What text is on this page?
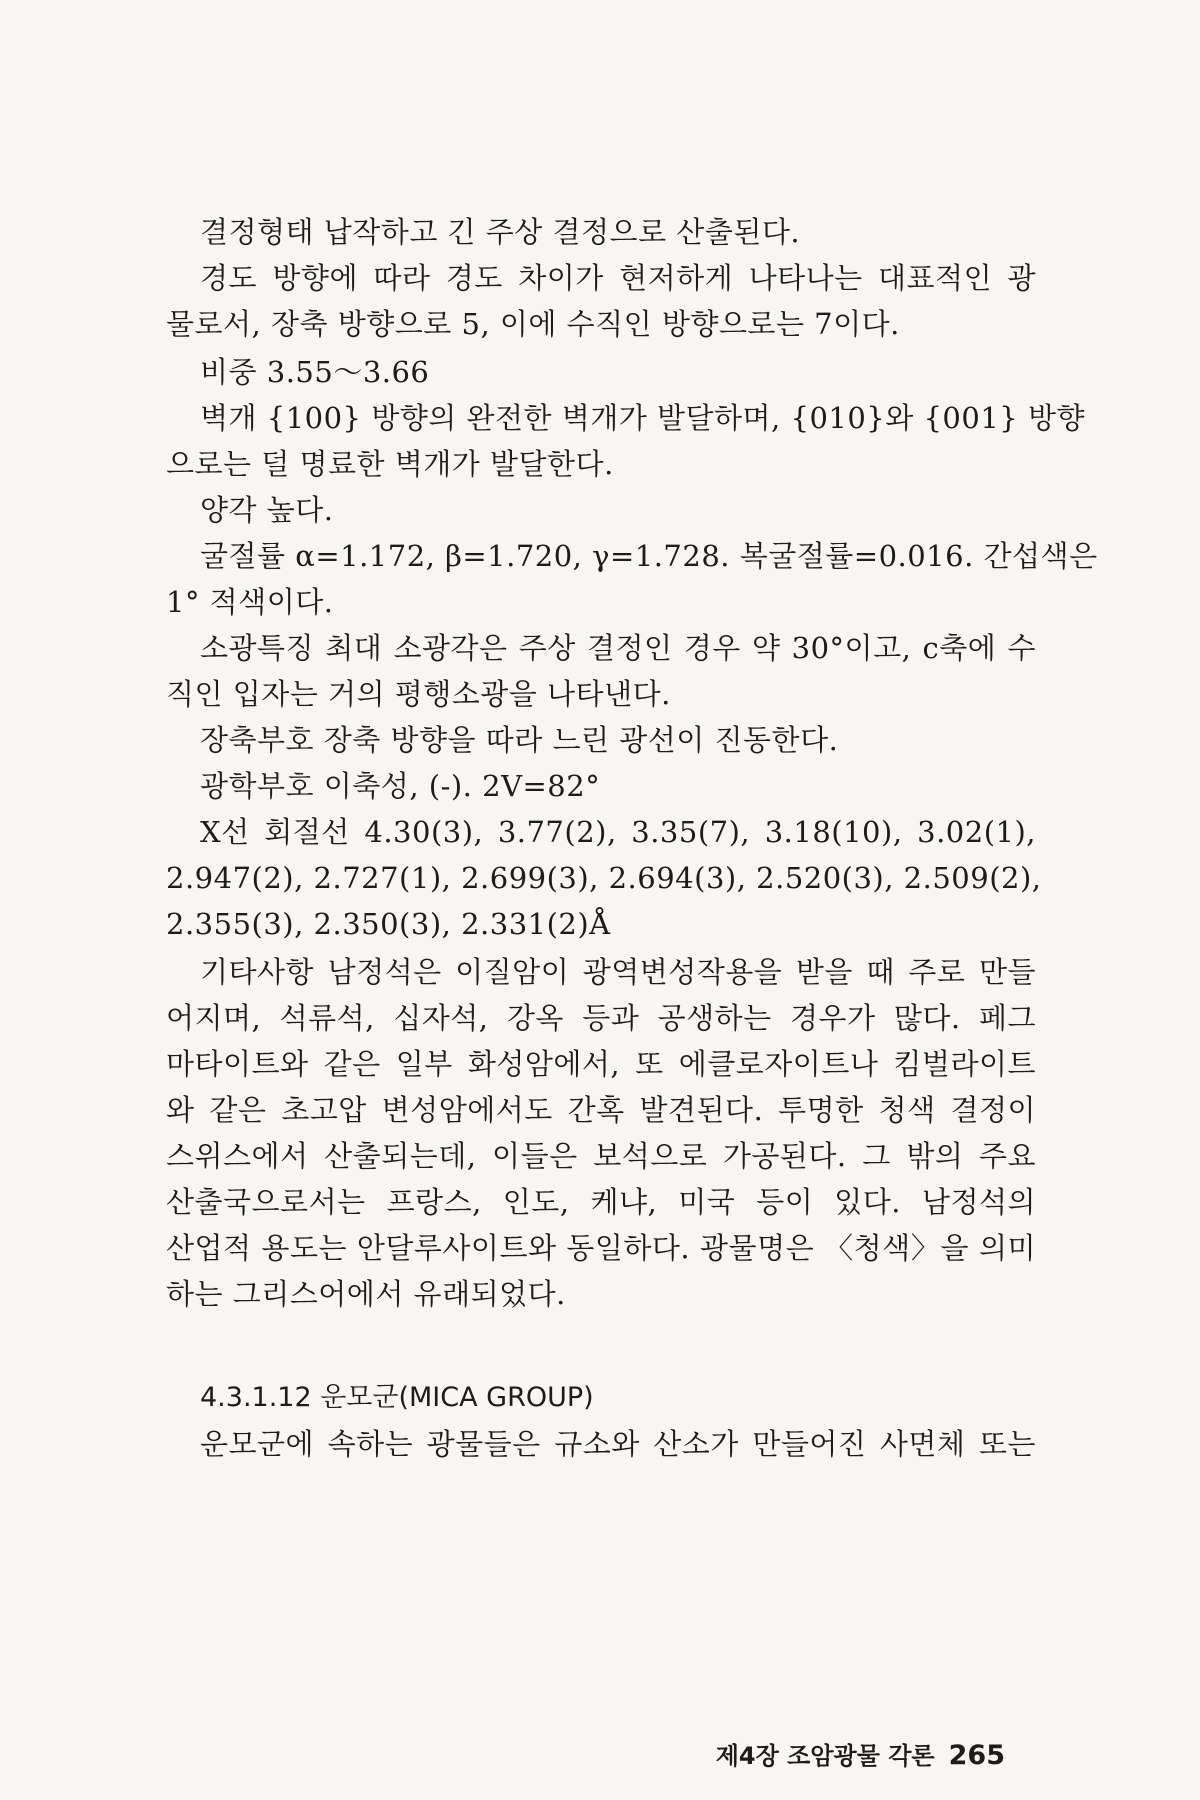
결정형태 납작하고 긴 주상 결정으로 산출된다.
경도 방향에 따라 경도 차이가 현저하게 나타나는 대표적인 광
물로서, 장축 방향으로 5, 이에 수직인 방향으로는 7이다.
비중 3.55～3.66
벽개 {100} 방향의 완전한 벽개가 발달하며, {010}와 {001} 방향
으로는 덜 명료한 벽개가 발달한다.
양각 높다.
굴절률 α=1.172, β=1.720, γ=1.728. 복굴절률=0.016. 간섭색은
1° 적색이다.
소광특징 최대 소광각은 주상 결정인 경우 약 30°이고, c축에 수
직인 입자는 거의 평행소광을 나타낸다.
장축부호 장축 방향을 따라 느린 광선이 진동한다.
광학부호 이축성, (-). 2V=82°
X선 회절선 4.30(3), 3.77(2), 3.35(7), 3.18(10), 3.02(1),
2.947(2), 2.727(1), 2.699(3), 2.694(3), 2.520(3), 2.509(2),
2.355(3), 2.350(3), 2.331(2)Å
기타사항 남정석은 이질암이 광역변성작용을 받을 때 주로 만들
어지며, 석류석, 십자석, 강옥 등과 공생하는 경우가 많다. 페그
마타이트와 같은 일부 화성암에서, 또 에클로자이트나 킴벌라이트
와 같은 초고압 변성암에서도 간혹 발견된다. 투명한 청색 결정이
스위스에서 산출되는데, 이들은 보석으로 가공된다. 그 밖의 주요
산출국으로서는 프랑스, 인도, 케냐, 미국 등이 있다. 남정석의
산업적 용도는 안달루사이트와 동일하다. 광물명은 〈청색〉을 의미
하는 그리스어에서 유래되었다.
4.3.1.12 운모군(MICA GROUP)
운모군에 속하는 광물들은 규소와 산소가 만들어진 사면체 또는
제4장 조암광물 각론 265
